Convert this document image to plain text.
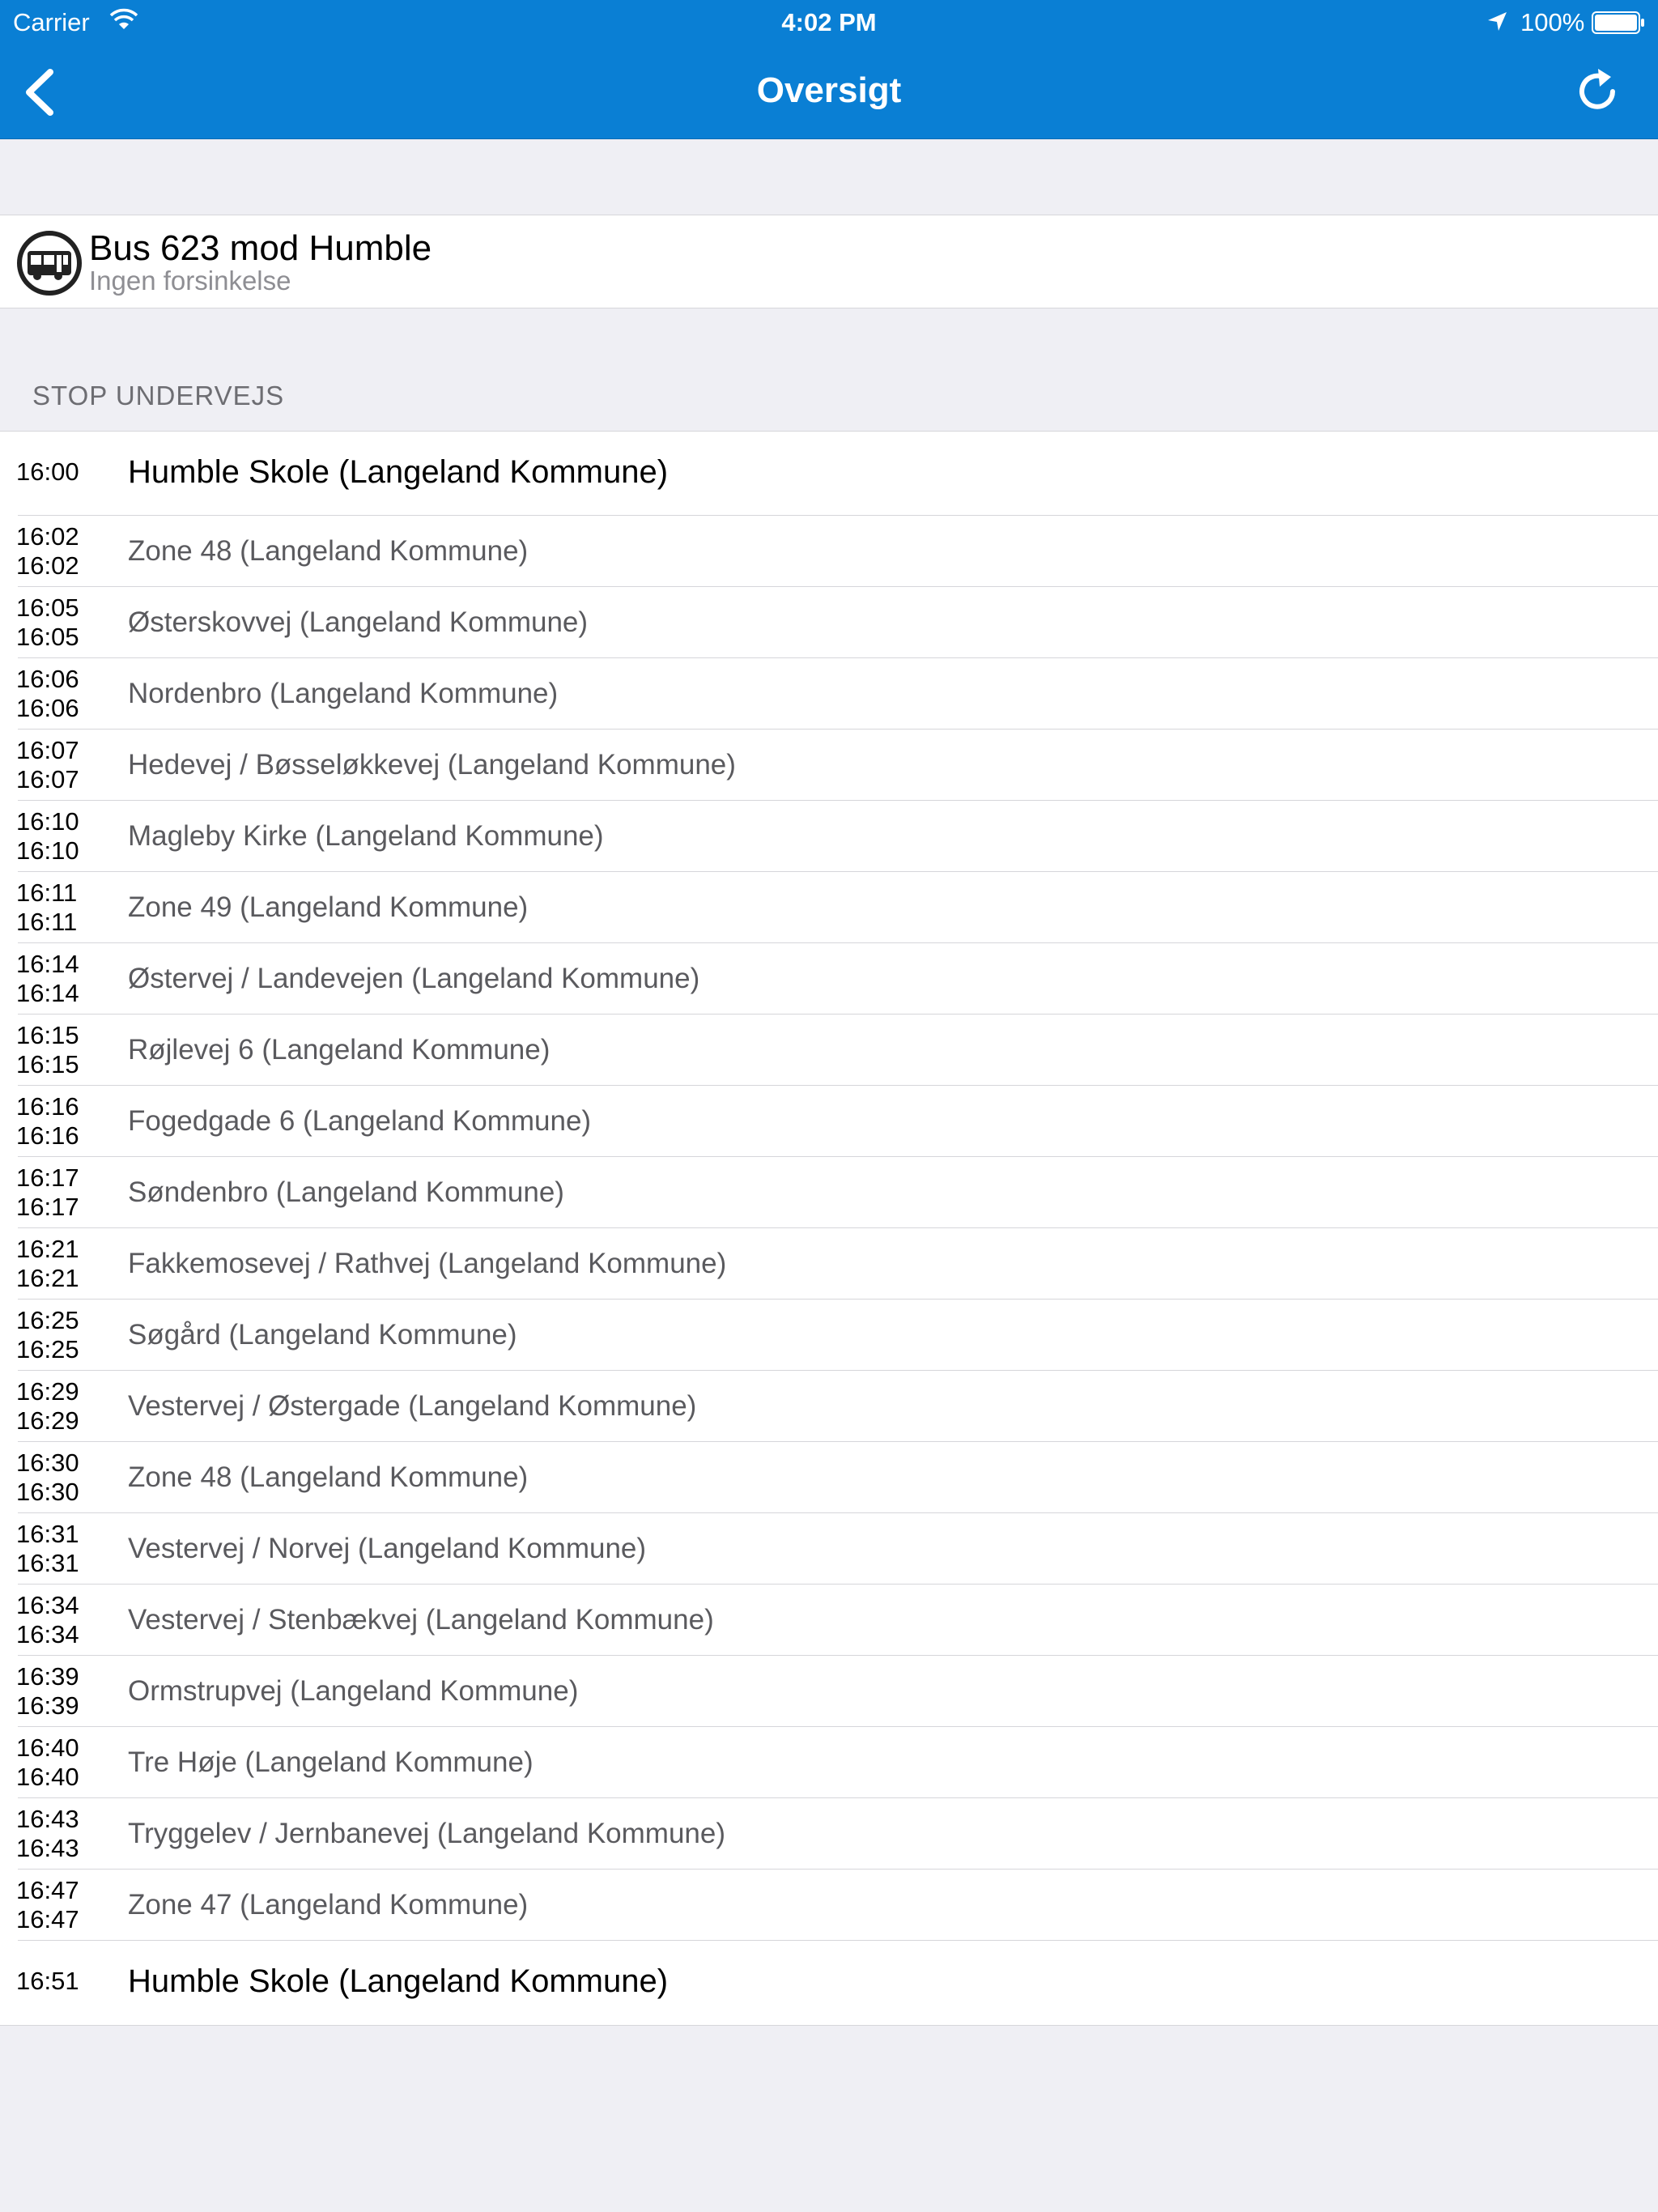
Carrier	4:02 PM	100%
Oversigt
Bus 623 mod Humble
Ingen forsinkelse
STOP UNDERVEJS
16:00 Humble Skole (Langeland Kommune)
16:02
16:02 Zone 48 (Langeland Kommune)
16:05
16:05 Østerskovvej (Langeland Kommune)
16:06
16:06 Nordenbro (Langeland Kommune)
16:07
16:07 Hedevej / Bøsseløkkevej (Langeland Kommune)
16:10
16:10 Magleby Kirke (Langeland Kommune)
16:11
16:11 Zone 49 (Langeland Kommune)
16:14
16:14 Østervej / Landevejen (Langeland Kommune)
16:15
16:15 Røjlevej 6 (Langeland Kommune)
16:16
16:16 Fogedgade 6 (Langeland Kommune)
16:17
16:17 Søndenbro (Langeland Kommune)
16:21
16:21 Fakkemosevej / Rathvej (Langeland Kommune)
16:25
16:25 Søgård (Langeland Kommune)
16:29
16:29 Vestervej / Østergade (Langeland Kommune)
16:30
16:30 Zone 48 (Langeland Kommune)
16:31
16:31 Vestervej / Norvej (Langeland Kommune)
16:34
16:34 Vestervej / Stenbækvej (Langeland Kommune)
16:39
16:39 Ormstrupvej (Langeland Kommune)
16:40
16:40 Tre Høje (Langeland Kommune)
16:43
16:43 Tryggelev / Jernbanevej (Langeland Kommune)
16:47
16:47 Zone 47 (Langeland Kommune)
16:51 Humble Skole (Langeland Kommune)
